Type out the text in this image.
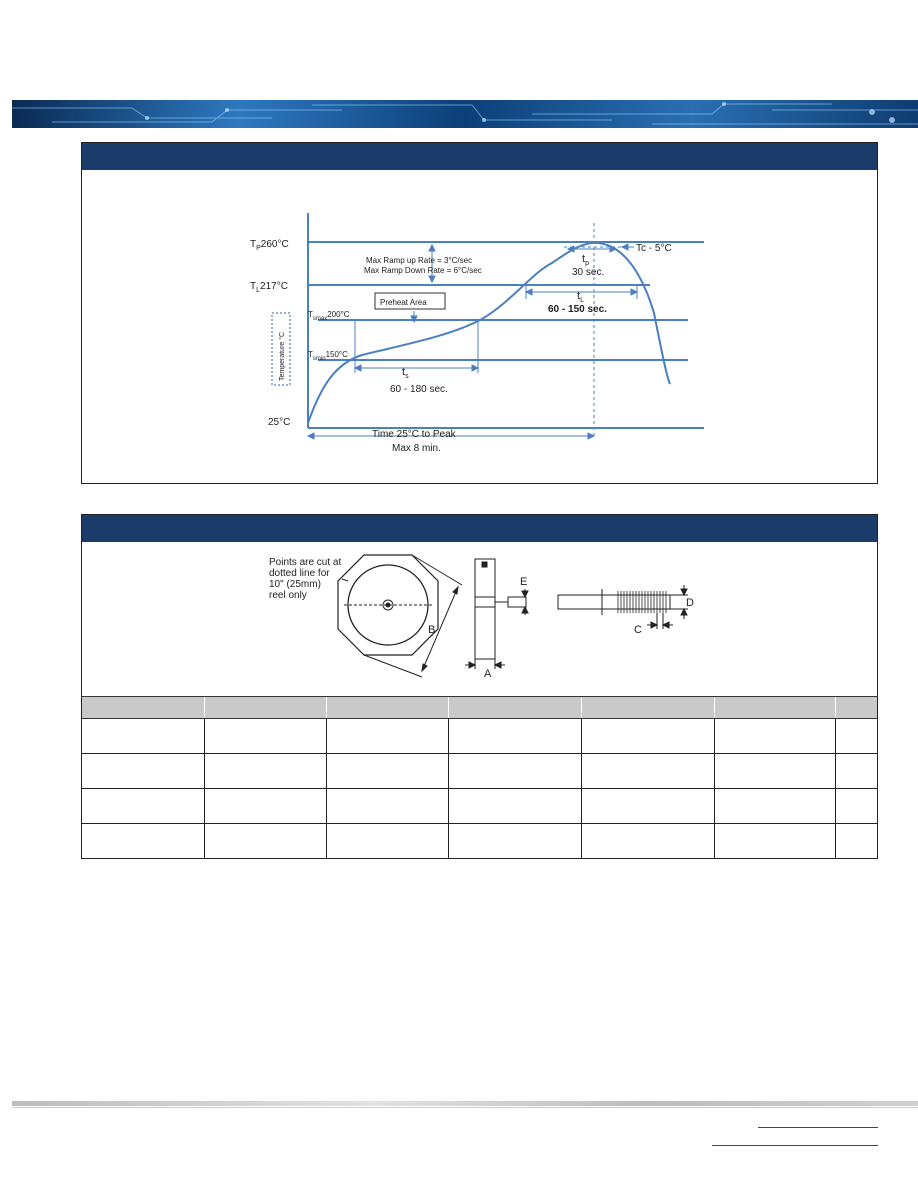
$T_P260^\circ C$
$T_L217^\circ C$
$T_{smax}200^\circ C$
$T_{smin}150^\circ C$
25°C
Temperature °C
Max Ramp up Rate = 3°C/sec
Max Ramp Down Rate = 6°C/sec
Preheat Area
Tc - 5°C
$t_p$
30 sec.
$t_L$
60 - 150 sec.
$t_s$
60 - 180 sec.
Time 25°C to Peak
Max 8 min.
Points are cut at
dotted line for
10" (25mm)
reel only
B
A
E
D
C
